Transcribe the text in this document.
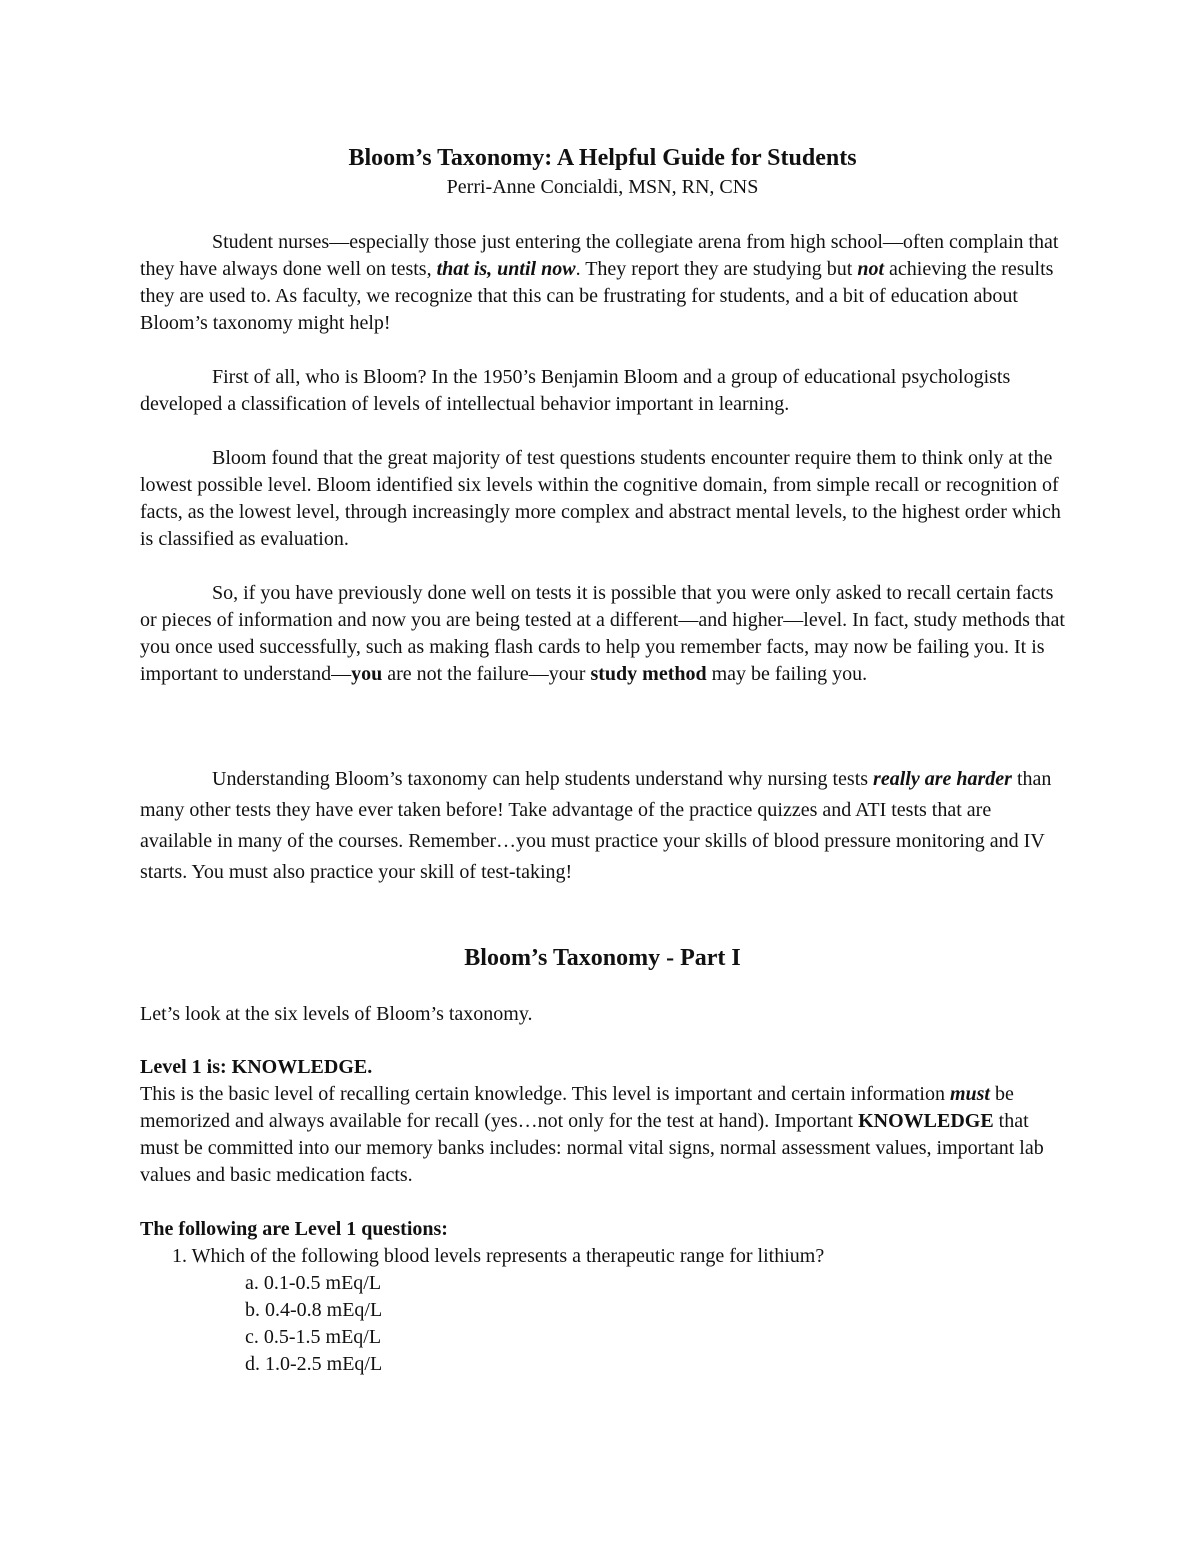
Bloom’s Taxonomy: A Helpful Guide for Students
Perri-Anne Concialdi, MSN, RN, CNS

Student nurses—especially those just entering the collegiate arena from high school—often complain that they have always done well on tests, that is, until now. They report they are studying but not achieving the results they are used to. As faculty, we recognize that this can be frustrating for students, and a bit of education about Bloom’s taxonomy might help!

First of all, who is Bloom? In the 1950’s Benjamin Bloom and a group of educational psychologists developed a classification of levels of intellectual behavior important in learning.

Bloom found that the great majority of test questions students encounter require them to think only at the lowest possible level. Bloom identified six levels within the cognitive domain, from simple recall or recognition of facts, as the lowest level, through increasingly more complex and abstract mental levels, to the highest order which is classified as evaluation.

So, if you have previously done well on tests it is possible that you were only asked to recall certain facts or pieces of information and now you are being tested at a different—and higher—level. In fact, study methods that you once used successfully, such as making flash cards to help you remember facts, may now be failing you. It is important to understand—you are not the failure—your study method may be failing you.

Understanding Bloom’s taxonomy can help students understand why nursing tests really are harder than many other tests they have ever taken before! Take advantage of the practice quizzes and ATI tests that are available in many of the courses. Remember…you must practice your skills of blood pressure monitoring and IV starts. You must also practice your skill of test-taking!

Bloom’s Taxonomy - Part I

Let’s look at the six levels of Bloom’s taxonomy.

Level 1 is: KNOWLEDGE.

This is the basic level of recalling certain knowledge. This level is important and certain information must be memorized and always available for recall (yes…not only for the test at hand). Important KNOWLEDGE that must be committed into our memory banks includes: normal vital signs, normal assessment values, important lab values and basic medication facts.

The following are Level 1 questions:

1. Which of the following blood levels represents a therapeutic range for lithium?
a. 0.1-0.5 mEq/L
b. 0.4-0.8 mEq/L
c. 0.5-1.5 mEq/L
d. 1.0-2.5 mEq/L
